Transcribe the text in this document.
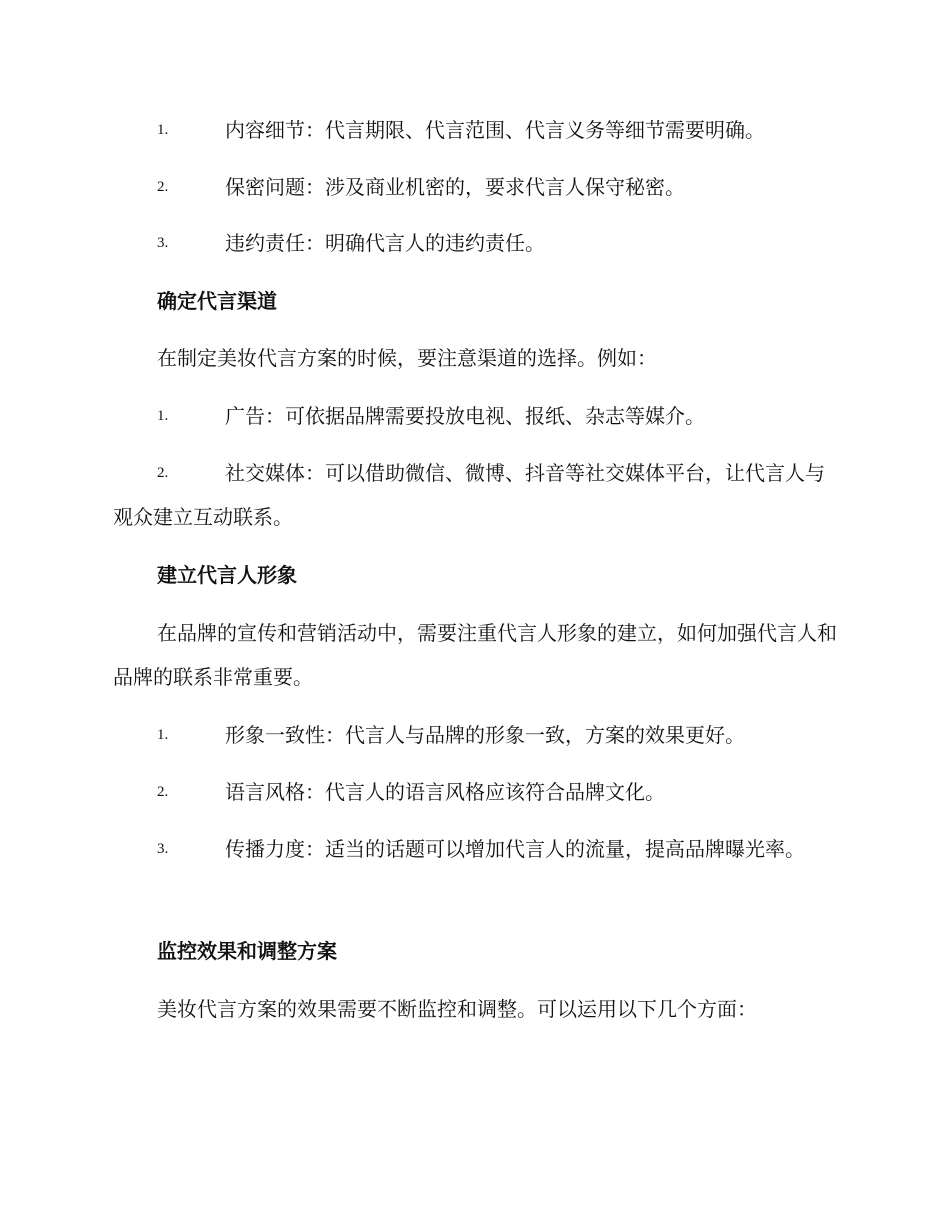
1.	内容细节：代言期限、代言范围、代言义务等细节需要明确。
2.	保密问题：涉及商业机密的，要求代言人保守秘密。
3.	违约责任：明确代言人的违约责任。
确定代言渠道
在制定美妆代言方案的时候，要注意渠道的选择。例如：
1.	广告：可依据品牌需要投放电视、报纸、杂志等媒介。
2.	社交媒体：可以借助微信、微博、抖音等社交媒体平台，让代言人与观众建立互动联系。
建立代言人形象
在品牌的宣传和营销活动中，需要注重代言人形象的建立，如何加强代言人和品牌的联系非常重要。
1.	形象一致性：代言人与品牌的形象一致，方案的效果更好。
2.	语言风格：代言人的语言风格应该符合品牌文化。
3.	传播力度：适当的话题可以增加代言人的流量，提高品牌曝光率。
监控效果和调整方案
美妆代言方案的效果需要不断监控和调整。可以运用以下几个方面：
